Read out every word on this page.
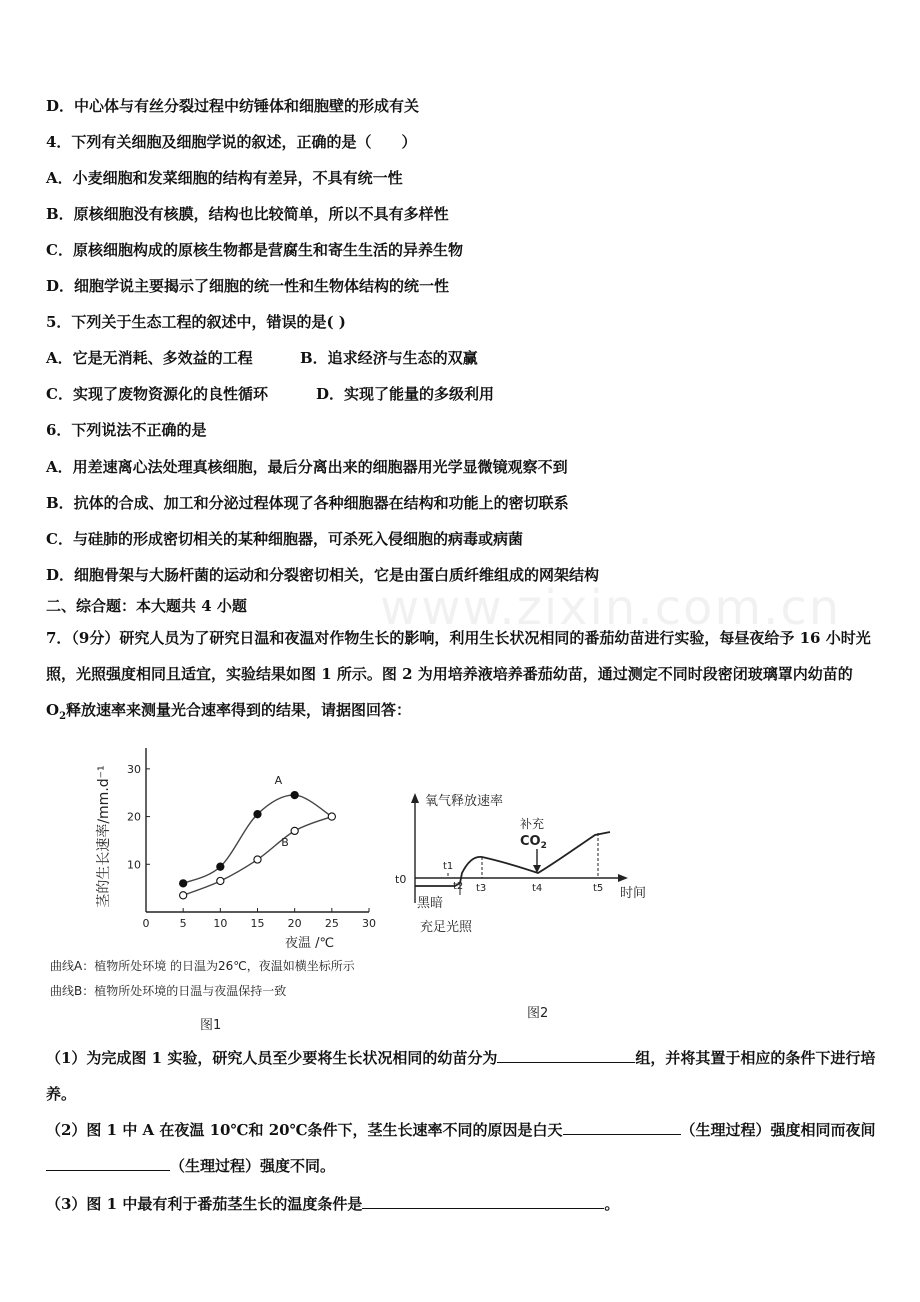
www.zixin.com.cn
D．中心体与有丝分裂过程中纺锤体和细胞壁的形成有关
4．下列有关细胞及细胞学说的叙述，正确的是（　　）
A．小麦细胞和发菜细胞的结构有差异，不具有统一性
B．原核细胞没有核膜，结构也比较简单，所以不具有多样性
C．原核细胞构成的原核生物都是营腐生和寄生生活的异养生物
D．细胞学说主要揭示了细胞的统一性和生物体结构的统一性
5．下列关于生态工程的叙述中，错误的是( )
A．它是无消耗、多效益的工程	B．追求经济与生态的双赢
C．实现了废物资源化的良性循环	D．实现了能量的多级利用
6．下列说法不正确的是
A．用差速离心法处理真核细胞，最后分离出来的细胞器用光学显微镜观察不到
B．抗体的合成、加工和分泌过程体现了各种细胞器在结构和功能上的密切联系
C．与硅肺的形成密切相关的某种细胞器，可杀死入侵细胞的病毒或病菌
D．细胞骨架与大肠杆菌的运动和分裂密切相关，它是由蛋白质纤维组成的网架结构
二、综合题：本大题共 4 小题
7．（9分）研究人员为了研究日温和夜温对作物生长的影响，利用生长状况相同的番茄幼苗进行实验，每昼夜给予 16 小时光照，光照强度相同且适宜，实验结果如图 1 所示。图 2 为用培养液培养番茄幼苗，通过测定不同时段密闭玻璃罩内幼苗的 $O_2$释放速率来测量光合速率得到的结果，请据图回答：
0	5 10 15 20 25 30
10
20
30
夜温 /℃
茎的生长速率/mm.d⁻¹	A
B
曲线A：植物所处环境 的日温为26℃，夜温如横坐标所示
曲线B：植物所处环境的日温与夜温保持一致
图1
氧气释放速率
时间
t0
t1
t2 t3	t4	t5
补充
$CO_2$
黑暗
充足光照
图2
（1）为完成图 1 实验，研究人员至少要将生长状况相同的幼苗分为	组，并将其置于相应的条件下进行培养。
（2）图 1 中 A 在夜温 10℃和 20℃条件下，茎生长速率不同的原因是白天	（生理过程）强度相同而夜间（生理过程）强度不同。
（3）图 1 中最有利于番茄茎生长的温度条件是	。
